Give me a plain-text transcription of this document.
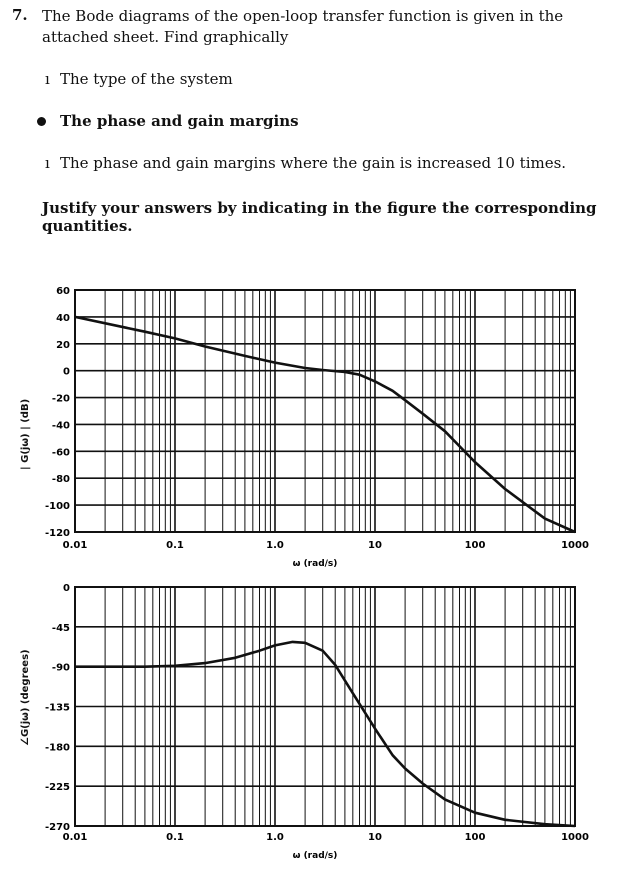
7. The Bode diagrams of the open-loop transfer function is given in the attached sheet. Find graphically
ı The type of the system
The phase and gain margins
ı The phase and gain margins where the gain is increased 10 times.
Justify your answers by indicating in the figure the corresponding quantities.
| G(jω) | (dB)
∠G(jω) (degrees)
60
40
20
0
-20
-40
-60
-80
-100
-120
0.01	0.1	1.0	10	100	1000
ω (rad/s)
0
-45
-90
-135
-180
-225
-270
0.01	0.1	1.0	10	100	1000
ω (rad/s)
